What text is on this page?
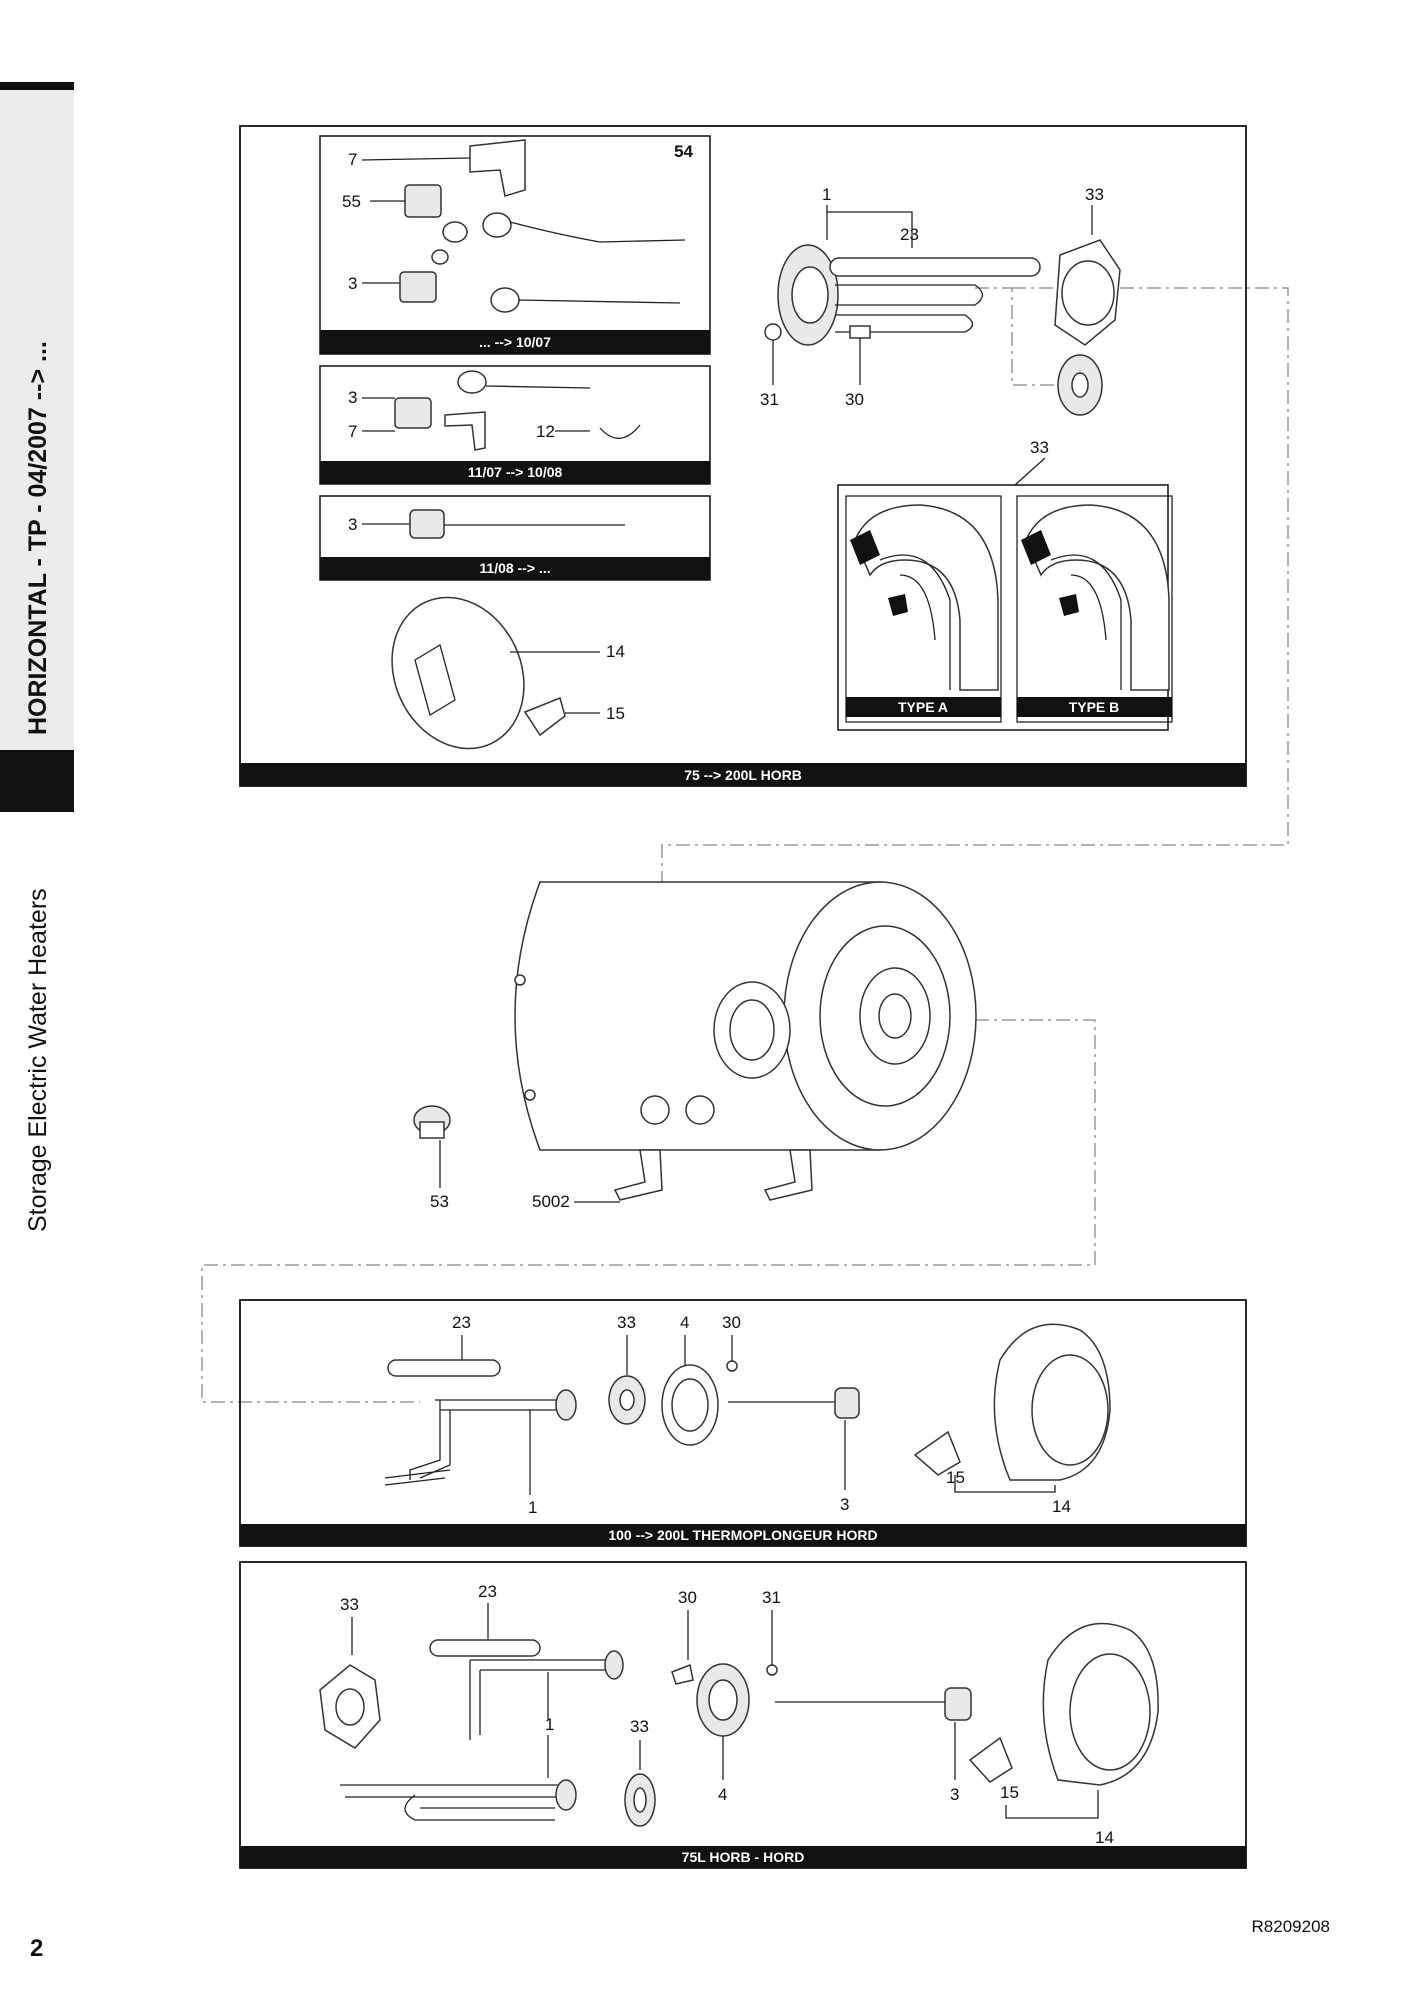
HORIZONTAL - TP - 04/2007 --> ...
Storage Electric Water Heaters
75 --> 200L HORB
... --> 10/07
54
7
55
3
11/07 --> 10/08
3
7	12
11/08 --> ...
3
14
15
1
23
33
31	30
33
TYPE A	TYPE B
53	5002
100 --> 200L THERMOPLONGEUR HORD
23	33	4 30
1	3
15
14
75L HORB - HORD
33
23	30	31
1	33
4	3 15
14
2
R8209208
